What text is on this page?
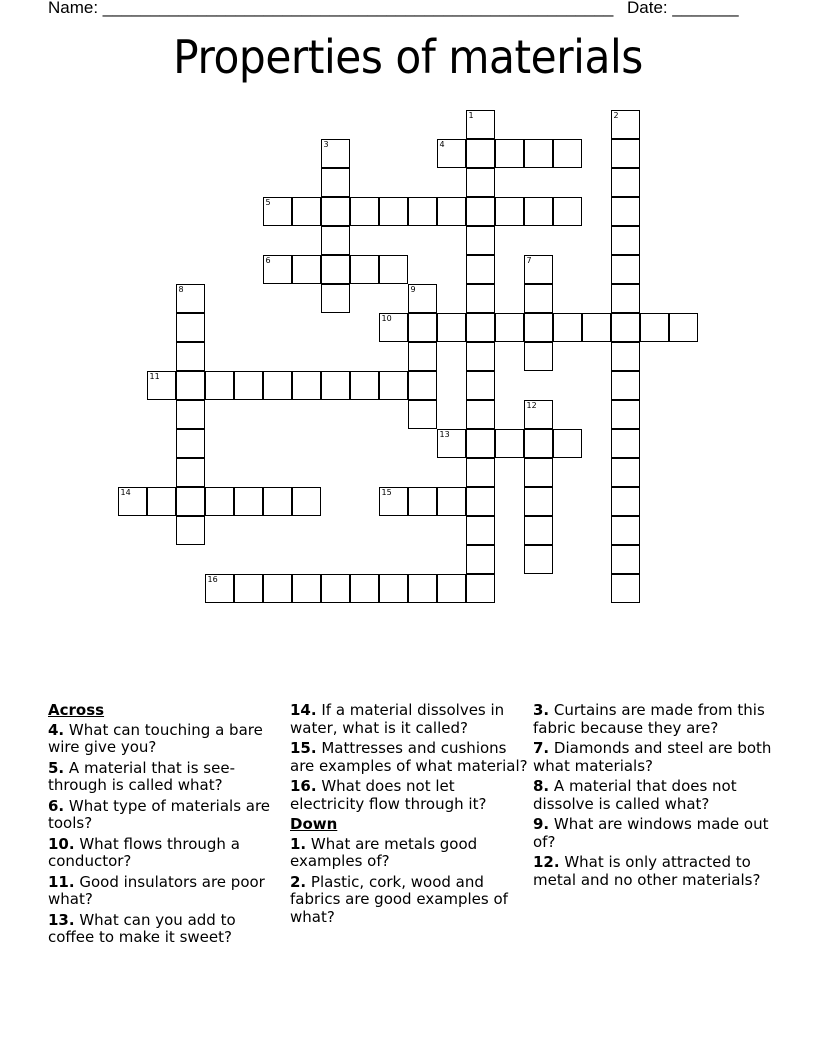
Name: ______________________________________________________ Date: _______
Properties of materials
1	2
3	4
5
6	7
8	9
10
11
12
13
14	15
16
Across
4. What can touching a bare wire give you?
5. A material that is see-through is called what?
6. What type of materials are tools?
10. What flows through a conductor?
11. Good insulators are poor what?
13. What can you add to coffee to make it sweet?
14. If a material dissolves in water, what is it called?
15. Mattresses and cushions are examples of what material?
16. What does not let electricity flow through it?
Down
1. What are metals good examples of?
2. Plastic, cork, wood and fabrics are good examples of what?
3. Curtains are made from this fabric because they are?
7. Diamonds and steel are both what materials?
8. A material that does not dissolve is called what?
9. What are windows made out of?
12. What is only attracted to metal and no other materials?
